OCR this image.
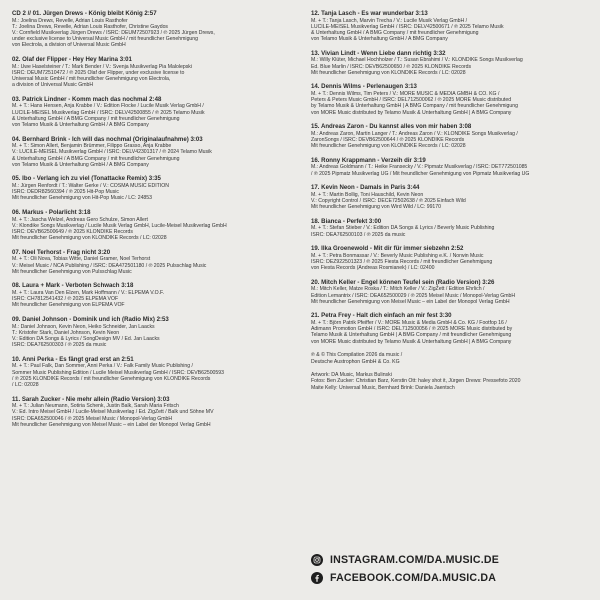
CD 2 // 01. Jürgen Drews - König bleibt König 2:57
M.: Joelina Drews, Revelle, Adrian Louis Rasthofer
T.: Joelina Drews, Revelle, Adrian Louis Rasthofer, Christine Gaydos
V.: Cornfield Musikverlag Jürgen Drews / ISRC: DEUM72507923 / ℗ 2025 Jürgen Drews,
under exclusive license to Universal Music GmbH / mit freundlicher Genehmigung
von Electrola, a division of Universal Music GmbH
02. Olaf der Flipper - Hey Hey Marina 3:01
M.: Uwe Haselsteiner / T.: Mark Bender / V.: Svenja Musikverlag Pia Malolepski
ISRC: DEUM72510472 / ℗ 2025 Olaf der Flipper, under exclusive license to
Universal Music GmbH / mit freundlicher Genehmigung von Electrola,
a division of Universal Music GmbH
03. Patrick Lindner - Komm mach das nochmal 2:48
M. + T.: Hans Hensen, Anja Krabbe / V.: Edition Flocke / Lucile Musik Verlag GmbH /
LUCILE-MEISEL Musikverlag GmbH / ISRC: DELV42500855 / ℗ 2025 Telamo Musik
& Unterhaltung GmbH / A BMG Company / mit freundlicher Genehmigung
von Telamo Musik & Unterhaltung GmbH / A BMG Company
04. Bernhard Brink - Ich will das nochmal (Originalaufnahme) 3:03
M. + T.: Simon Allert, Benjamin Brümmer, Filippo Grasso, Anja Krabbe
V.: LUCILE-MEISEL Musikverlag GmbH / ISRC: DELV42301317 / ℗ 2024 Telamo Musik
& Unterhaltung GmbH / A BMG Company / mit freundlicher Genehmigung
von Telamo Musik & Unterhaltung GmbH / A BMG Company
05. Ibo - Verlang ich zu viel (Tonattacke Remix) 3:35
M.: Jürgen Renfordt / T.: Walter Gerke / V.: COSMA MUSIC EDITION
ISRC: DEDR82560394 / ℗ 2025 Hit-Pop Music
Mit freundlicher Genehmigung von Hit-Pop Music / LC: 24853
06. Markus - Polarlicht 3:18
M. + T.: Jascha Welzel, Andreas Gero Schulze, Simon Allert
V.: Klondike Songs Musikverlag / Lucile Musik Verlag GmbH, Lucile-Meisel Musikverlag GmbH
ISRC: DEVB62500649 / ℗ 2025 KLONDIKE Records
Mit freundlicher Genehmigung von KLONDIKE Records / LC: 02028
07. Noel Terhorst - Frag nicht 3:20
M. + T.: Oli Nova, Tobias Witte, Daniel Gramer, Noel Terhorst
V.: Meisel Music / NCA Publishing / ISRC: DEA472501180 / ℗ 2025 Pulsschlag Music
Mit freundlicher Genehmigung von Pulsschlag Music
08. Laura + Mark - Verboten Schwach 3:18
M. + T.: Laura Van Den Elzen, Mark Hoffmann / V.: ELPEMA V.O.F.
ISRC: CH7812541432 / ℗ 2025 ELPEMA VOF
Mit freundlicher Genehmigung von ELPEMA VOF
09. Daniel Johnson - Dominik und ich (Radio Mix) 2:53
M.: Daniel Johnson, Kevin Neon, Heiko Schneider, Jan Laacks
T.: Kristofer Stark, Daniel Johnson, Kevin Neon
V.: Edition DA Songs & Lyrics / SongDesign MV / Ed. Jan Laacks
ISRC: DEA762500303 / ℗ 2025 da music
10. Anni Perka - Es fängt grad erst an 2:51
M. + T.: Paul Falk, Dan Sommer, Anni Perka / V.: Falk Family Music Publishing /
Sommer Music Publishing Edition / Lucile Meisel Musikverlag GmbH / ISRC: DEVB62500593
/ ℗ 2025 KLONDIKE Records / mit freundlicher Genehmigung von KLONDIKE Records
/ LC: 02028
11. Sarah Zucker - Nie mehr allein (Radio Version) 3:03
M. + T.: Julian Neumann, Sotiria Schenk, Justin Balk, Sarah Maria Fritsch
V.: Ed. Intro Meisel GmbH / Lucile-Meisel Musikverlag / Ed. ZigZett / Balk und Söhne MV
ISRC: DEA652500046 / ℗ 2025 Meisel Music / Monopol-Verlag GmbH
Mit freundlicher Genehmigung von Meisel Music – ein Label der Monopol Verlag GmbH
12. Tanja Lasch - Es war wunderbar 3:13
M. + T.: Tanja Lasch, Marvin Trecha / V.: Lucile Musik Verlag GmbH /
LUCILE-MEISEL Musikverlag GmbH / ISRC: DELV42500671 / ℗ 2025 Telamo Musik
& Unterhaltung GmbH / A BMG Company / mit freundlicher Genehmigung
von Telamo Musik & Unterhaltung GmbH / A BMG Company
13. Vivian Lindt - Wenn Liebe dann richtig 3:32
M.: Willy Klüter, Michael Hochholzer / T.: Susan Ebrahimi / V.: KLONDIKE Songs Musikverlag
Ed. Blue Marlin / ISRC: DEVB62500650 / ℗ 2025 KLONDIKE Records
Mit freundlicher Genehmigung von KLONDIKE Records / LC: 02028
14. Dennis Wilms - Perlenaugen 3:13
M. + T.: Dennis Wilms, Tim Peters / V.: MORE MUSIC & MEDIA GMBH & CO. KG /
Peters & Peters Music GmbH / ISRC: DEL712500062 / ℗ 2025 MORE Music distributed
by Telamo Musik & Unterhaltung GmbH | A BMG Company / mit freundlicher Genehmigung
von MORE Music distributed by Telamo Musik & Unterhaltung GmbH | A BMG Company
15. Andreas Zaron - Du kannst alles von mir haben 3:08
M.: Andreas Zaron, Martin Langer / T.: Andreas Zaron / V.: KLONDIKE Songs Musikverlag /
ZaronSongs / ISRC: DEVB62500644 / ℗ 2025 KLONDIKE Records
Mit freundlicher Genehmigung von KLONDIKE Records / LC: 02028
16. Ronny Krappmann - Verzeih dir 3:19
M.: Andreas Goldmann / T.: Heike Fransecky / V.: Pipmatz Musikverlag / ISRC: DET772501085
/ ℗ 2025 Pipmatz Musikverlag UG / Mit freundlicher Genehmigung von Pipmatz Musikverlag UG
17. Kevin Neon - Damals in Paris 3:44
M. + T.: Martin Bollig, Toni Hauschild, Kevin Neon
V.: Copyright Control / ISRC: DECE72502638 / ℗ 2025 Einfach Wild
Mit freundlicher Genehmigung von Wird Wild / LC: 99170
18. Bianca - Perfekt 3:00
M. + T.: Stefan Stieber / V.: Edition DA Songs & Lyrics / Beverly Music Publishing
ISRC: DEA762500103 / ℗ 2025 da music
19. Ilka Groenewold - Mit dir für immer siebzehn 2:52
M. + T.: Petra Bonmassar / V.: Beverly Music Publishing e.K. / Norwin Music
ISRC: DEZ922501323 / ℗ 2025 Fiesta Records / mit freundlicher Genehmigung
von Fiesta Records (Andreas Rosmianek) / LC: 02400
20. Mitch Keller - Engel können Teufel sein (Radio Version) 3:26
M.: Mitch Keller, Matze Roska / T.: Mitch Keller / V.: ZigZett / Edition Ehrlich /
Edition Lemantrix / ISRC: DEA652500029 / ℗ 2025 Meisel Music / Monopol-Verlag GmbH
Mit freundlicher Genehmigung von Meisel Music – ein Label der Monopol Verlag GmbH
21. Petra Frey - Halt dich einfach an mir fest 3:30
M. + T.: Björn Patrik Pfeiffer / V.: MORE Music & Media GmbH & Co. KG / Footfop 16 /
Adimann Promotion GmbH / ISRC: DEL712500056 / ℗ 2025 MORE Music distributed by
Telamo Musik & Unterhaltung GmbH | A BMG Company / mit freundlicher Genehmigung
von MORE Music distributed by Telamo Musik & Unterhaltung GmbH | A BMG Company
℗ & © This Compilation 2026 da music /
Deutsche Austrophon GmbH & Co. KG
Artwork: DA Music, Markus Bulinski
Fotos: Ben Zucker: Christian Barz, Kerstin Ott: haley shot it, Jürgen Drews: Pressefoto 2020
Maite Kelly: Universal Music, Bernhard Brink: Daniela Jaentsch
INSTAGRAM.COM/DA.MUSIC.DE
FACEBOOK.COM/DA.MUSIC.DA
